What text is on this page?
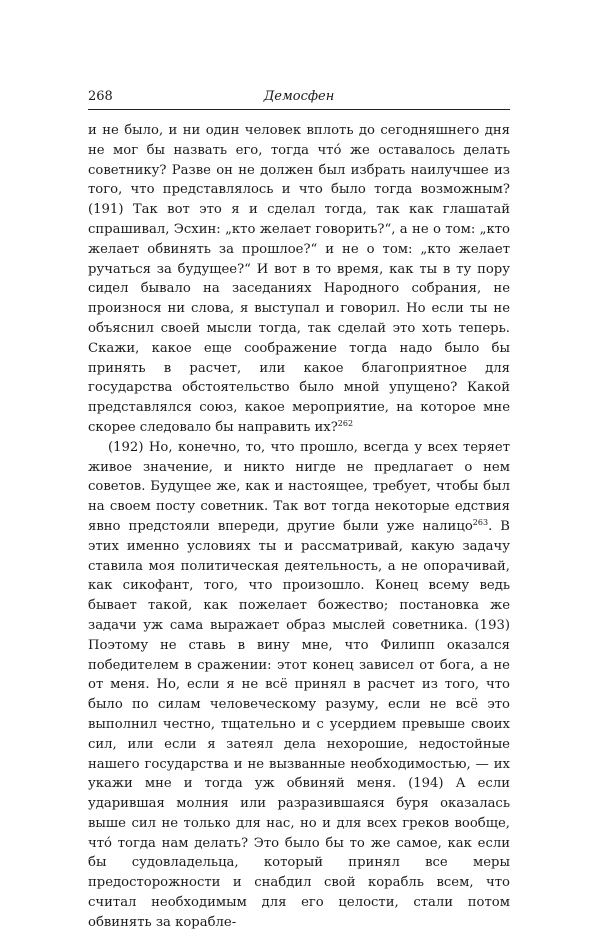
268	Демосфен

и не было, и ни один человек вплоть до сегодняшнего дня не мог бы назвать его, тогда что́ же оставалось делать советнику? Разве он не должен был избрать наилучшее из того, что представлялось и что было тогда возможным? (191) Так вот это я и сделал тогда, так как глашатай спрашивал, Эсхин: „кто желает говорить?“, а не о том: „кто желает обвинять за прошлое?“ и не о том: „кто желает ручаться за будущее?“ И вот в то время, как ты в ту пору сидел бывало на заседаниях Народного собрания, не произнося ни слова, я выступал и говорил. Но если ты не объяснил своей мысли тогда, так сделай это хоть теперь. Скажи, какое еще соображение тогда надо было бы принять в расчет, или какое благоприятное для государства обстоятельство было мной упущено? Какой представлялся союз, какое мероприятие, на которое мне скорее следовало бы направить их?$^{262}$

(192) Но, конечно, то, что прошло, всегда у всех теряет живое значение, и никто нигде не предлагает о нем советов. Будущее же, как и настоящее, требует, чтобы был на своем посту советник. Так вот тогда некоторые едствия явно предстояли впереди, другие были уже налицо$^{263}$. В этих именно условиях ты и рассматривай, какую задачу ставила моя политическая деятельность, а не опорачивай, как сикофант, того, что произошло. Конец всему ведь бывает такой, как пожелает божество; постановка же задачи уж сама выражает образ мыслей советника. (193) Поэтому не ставь в вину мне, что Филипп оказался победителем в сражении: этот конец зависел от бога, а не от меня. Но, если я не всё принял в расчет из того, что было по силам человеческому разуму, если не всё это выполнил честно, тщательно и с усердием превыше своих сил, или если я затеял дела нехорошие, недостойные нашего государства и не вызванные необходимостью, — их укажи мне и тогда уж обвиняй меня. (194) А если ударившая молния или разразившаяся буря оказалась выше сил не только для нас, но и для всех греков вообще, что́ тогда нам делать? Это было бы то же самое, как если бы судовладельца, который принял все меры предосторожности и снабдил свой корабль всем, что считал необходимым для его целости, стали потом обвинять за корабле-
